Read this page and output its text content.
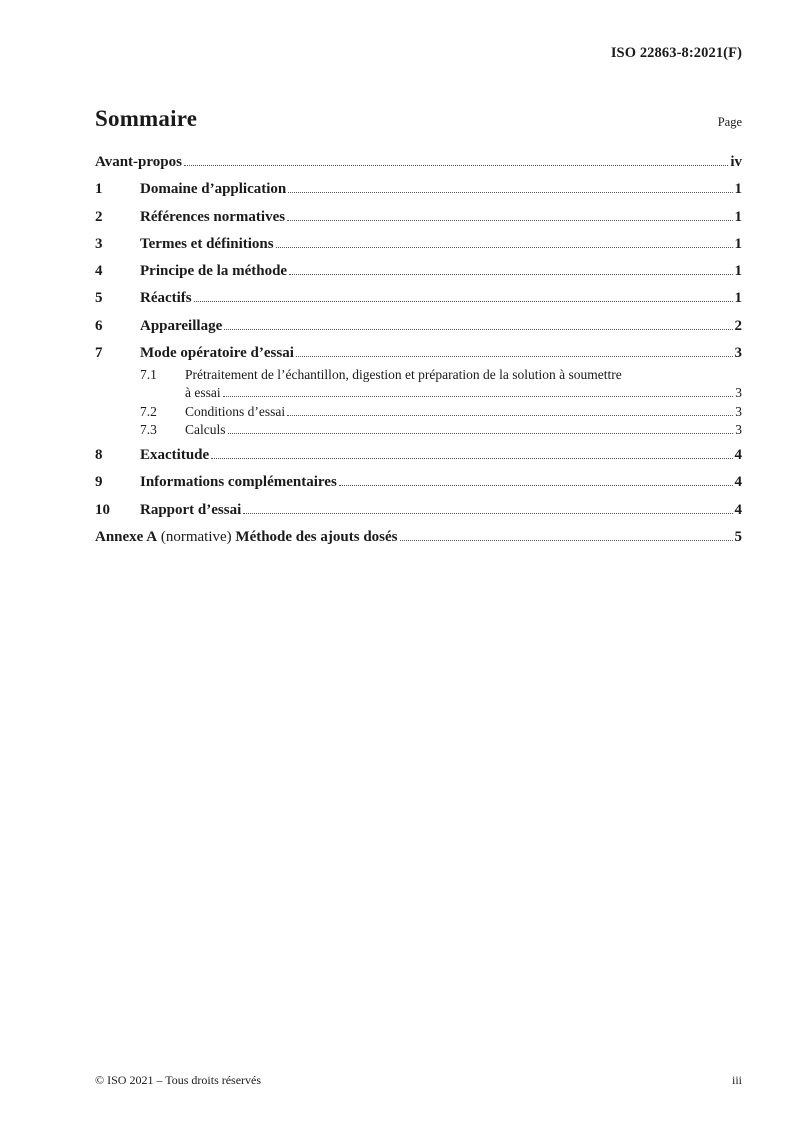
ISO 22863-8:2021(F)
Sommaire	Page
Avant-propos	iv
1	Domaine d’application	1
2	Références normatives	1
3	Termes et définitions	1
4	Principe de la méthode	1
5	Réactifs	1
6	Appareillage	2
7	Mode opératoire d’essai	3
7.1	Prétraitement de l’échantillon, digestion et préparation de la solution à soumettre
à essai	3
7.2	Conditions d’essai	3
7.3	Calculs	3
8	Exactitude	4
9	Informations complémentaires	4
10	Rapport d’essai	4
Annexe A (normative) Méthode des ajouts dosés	5
© ISO 2021 – Tous droits réservés	iii
